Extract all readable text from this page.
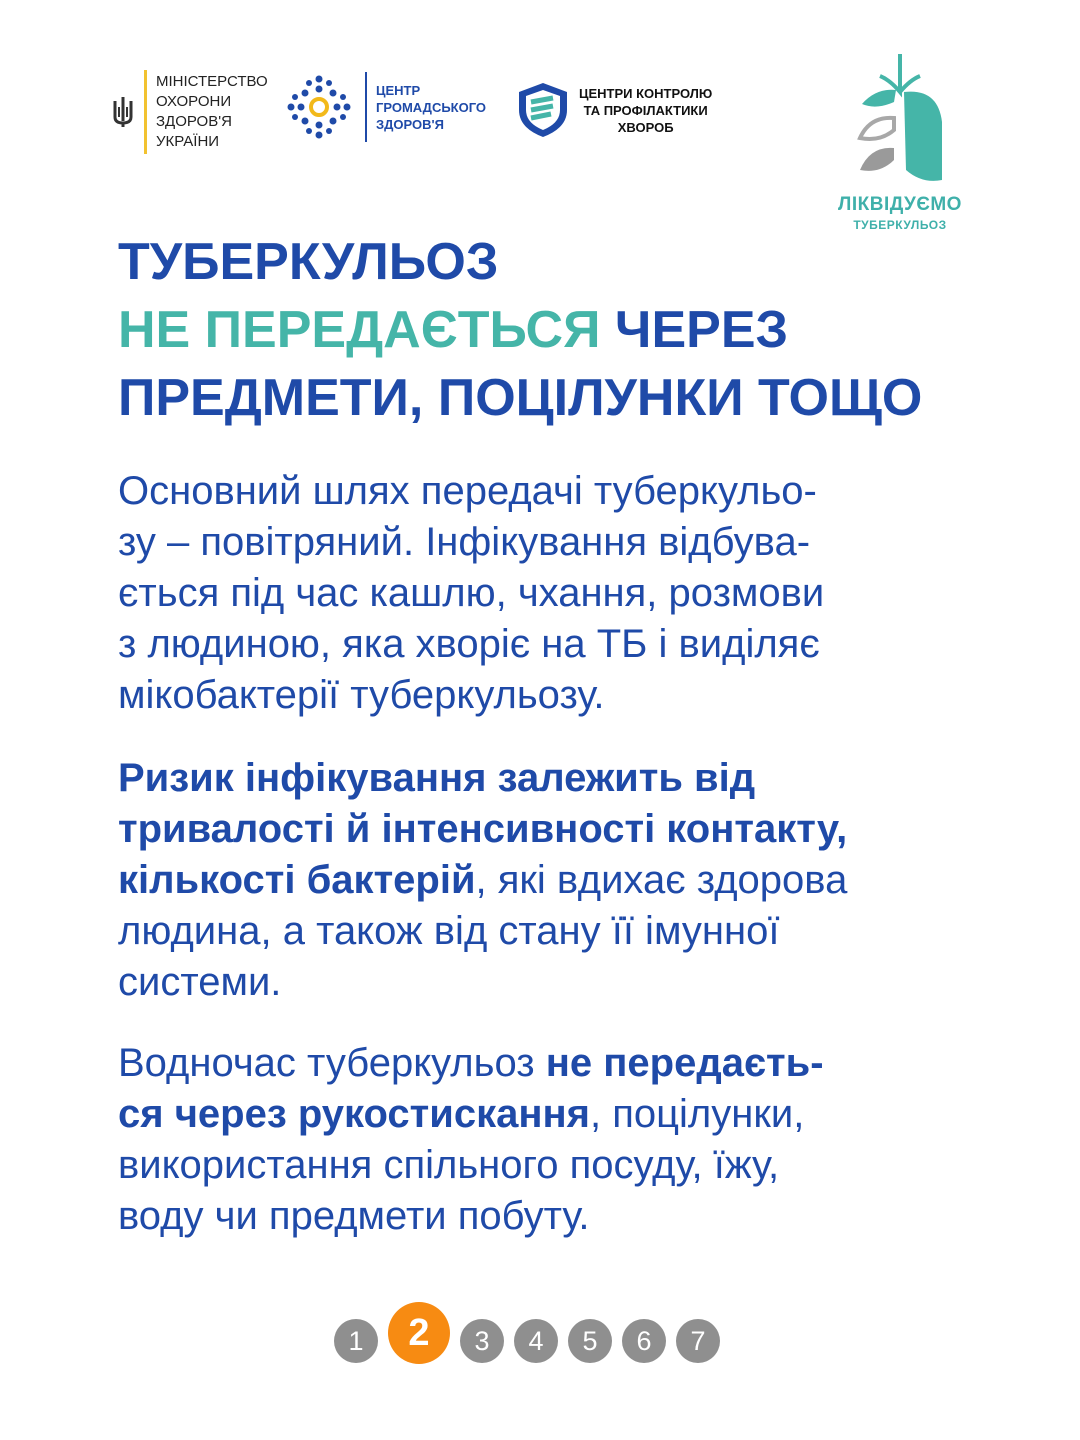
МІНІСТЕРСТВО
ОХОРОНИ
ЗДОРОВ'Я
УКРАЇНИ
ЦЕНТР
ГРОМАДСЬКОГО
ЗДОРОВ'Я
ЦЕНТРИ КОНТРОЛЮ
ТА ПРОФІЛАКТИКИ
ХВОРОБ
ЛІКВІДУЄМО
ТУБЕРКУЛЬОЗ
ТУБЕРКУЛЬОЗ
НЕ ПЕРЕДАЄТЬСЯ ЧЕРЕЗ
ПРЕДМЕТИ, ПОЦІЛУНКИ ТОЩО

Основний шлях передачі туберкульо-
зу – повітряний. Інфікування відбува-
ється під час кашлю, чхання, розмови
з людиною, яка хворіє на ТБ і виділяє
мікобактерії туберкульозу.

Ризик інфікування залежить від
тривалості й інтенсивності контакту,
кількості бактерій, які вдихає здорова
людина, а також від стану її імунної
системи.

Водночас туберкульоз не передаєть-
ся через рукостискання, поцілунки,
використання спільного посуду, їжу,
воду чи предмети побуту.

1	2	3	4	5	6	7
